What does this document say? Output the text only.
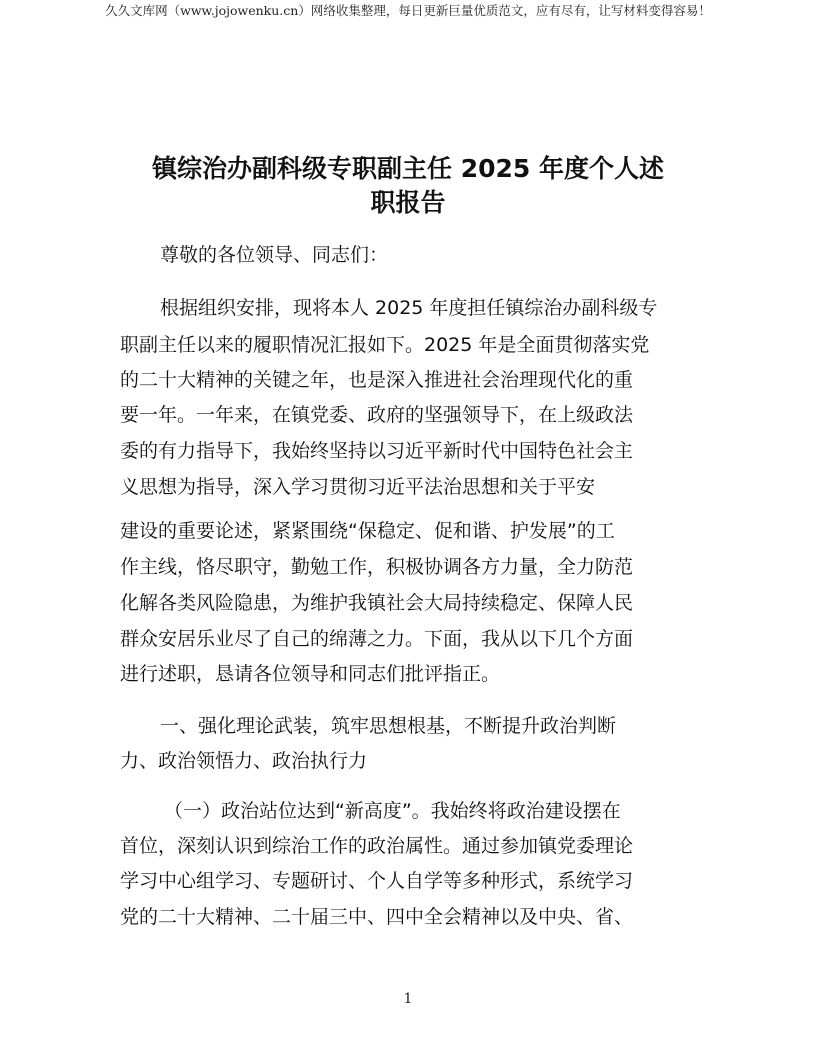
久久文库网（www.jojowenku.cn）网络收集整理，每日更新巨量优质范文，应有尽有，让写材料变得容易！
镇综治办副科级专职副主任 2025 年度个人述
职报告
尊敬的各位领导、同志们：
根据组织安排，现将本人 2025 年度担任镇综治办副科级专
职副主任以来的履职情况汇报如下。2025 年是全面贯彻落实党
的二十大精神的关键之年，也是深入推进社会治理现代化的重
要一年。一年来，在镇党委、政府的坚强领导下，在上级政法
委的有力指导下，我始终坚持以习近平新时代中国特色社会主
义思想为指导，深入学习贯彻习近平法治思想和关于平安
建设的重要论述，紧紧围绕“保稳定、促和谐、护发展”的工
作主线，恪尽职守，勤勉工作，积极协调各方力量，全力防范
化解各类风险隐患，为维护我镇社会大局持续稳定、保障人民
群众安居乐业尽了自己的绵薄之力。下面，我从以下几个方面
进行述职，恳请各位领导和同志们批评指正。
一、强化理论武装，筑牢思想根基，不断提升政治判断
力、政治领悟力、政治执行力
（一）政治站位达到“新高度”。我始终将政治建设摆在
首位，深刻认识到综治工作的政治属性。通过参加镇党委理论
学习中心组学习、专题研讨、个人自学等多种形式，系统学习
党的二十大精神、二十届三中、四中全会精神以及中央、省、
1
